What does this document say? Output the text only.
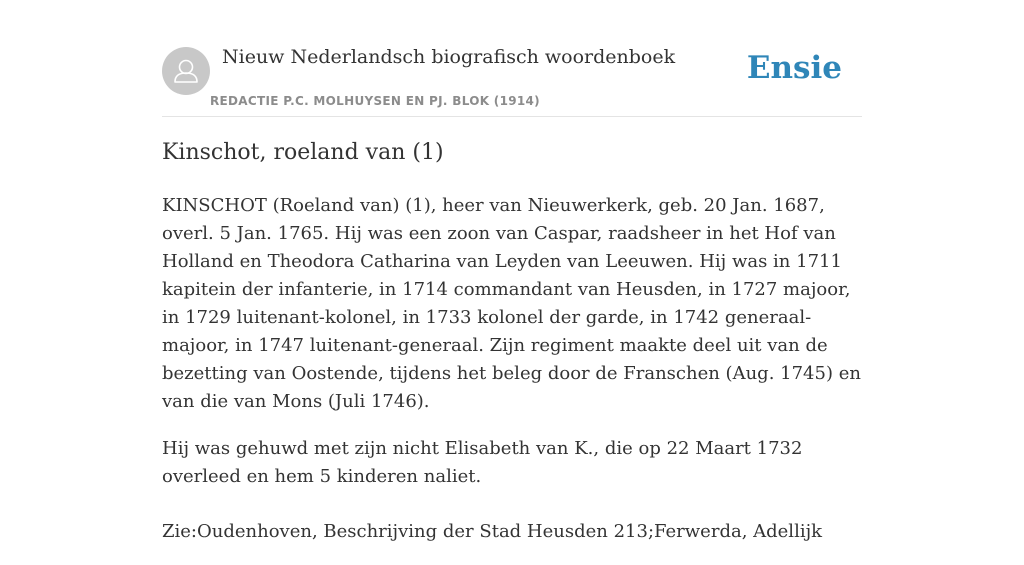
Nieuw Nederlandsch biografisch woordenboek
REDACTIE P.C. MOLHUYSEN EN PJ. BLOK (1914)
Ensie
Kinschot, roeland van (1)

KINSCHOT (Roeland van) (1), heer van Nieuwerkerk, geb. 20 Jan. 1687, overl. 5 Jan. 1765. Hij was een zoon van Caspar, raadsheer in het Hof van Holland en Theodora Catharina van Leyden van Leeuwen. Hij was in 1711 kapitein der infanterie, in 1714 commandant van Heusden, in 1727 majoor, in 1729 luitenant-kolonel, in 1733 kolonel der garde, in 1742 generaal-majoor, in 1747 luitenant-generaal. Zijn regiment maakte deel uit van de bezetting van Oostende, tijdens het beleg door de Franschen (Aug. 1745) en van die van Mons (Juli 1746).

Hij was gehuwd met zijn nicht Elisabeth van K., die op 22 Maart 1732 overleed en hem 5 kinderen naliet.

Zie:Oudenhoven, Beschrijving der Stad Heusden 213;Ferwerda, Adellijk
